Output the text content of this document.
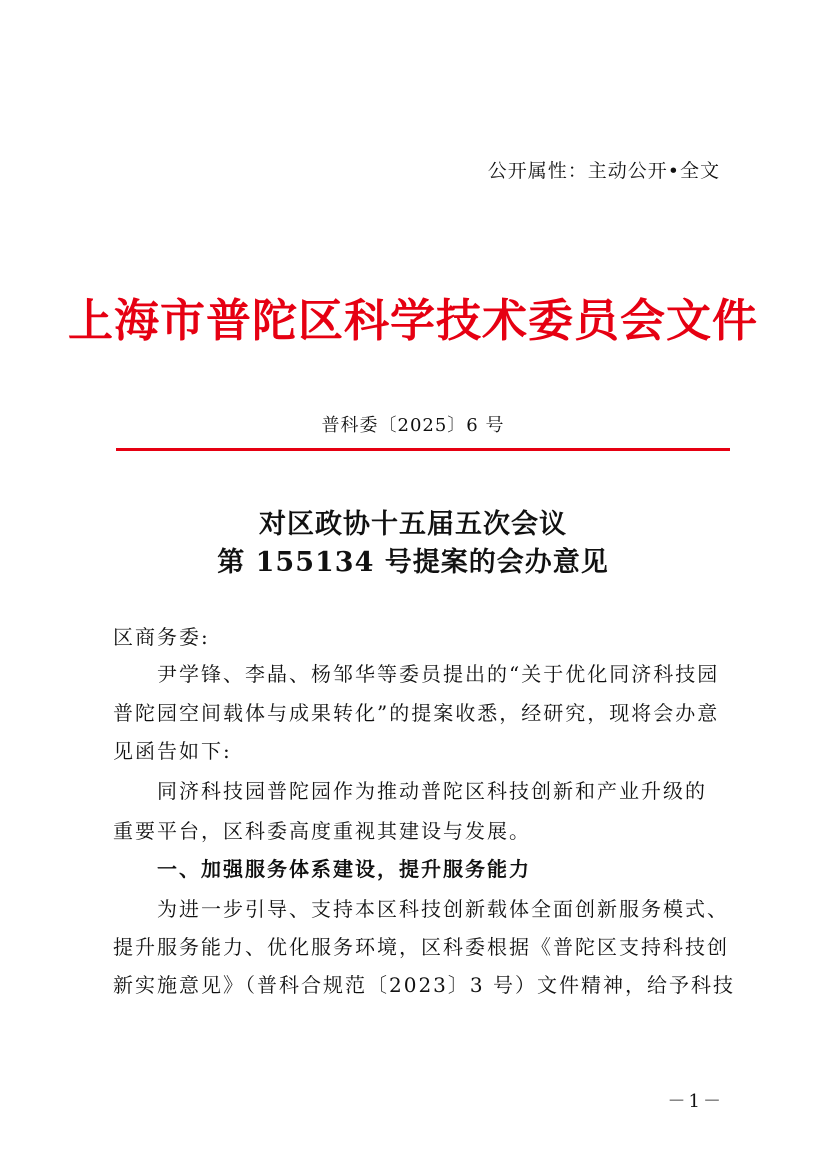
公开属性：主动公开•全文
上海市普陀区科学技术委员会文件
普科委〔2025〕6 号
对区政协十五届五次会议
第 155134 号提案的会办意见
区商务委:
尹学锋、李晶、杨邹华等委员提出的“关于优化同济科技园
普陀园空间载体与成果转化”的提案收悉，经研究，现将会办意
见函告如下:
同济科技园普陀园作为推动普陀区科技创新和产业升级的
重要平台，区科委高度重视其建设与发展。
一、加强服务体系建设，提升服务能力
为进一步引导、支持本区科技创新载体全面创新服务模式、
提升服务能力、优化服务环境，区科委根据《普陀区支持科技创
新实施意见》（普科合规范〔2023〕3 号）文件精神，给予科技
－1－
